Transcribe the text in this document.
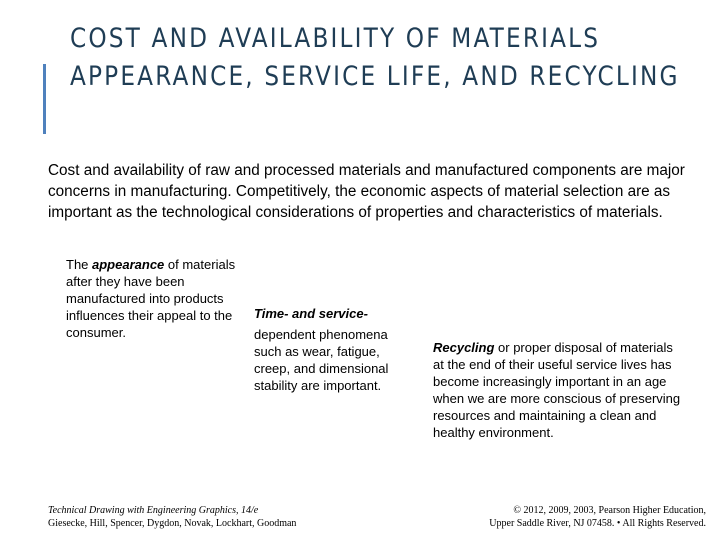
COST AND AVAILABILITY OF MATERIALS
APPEARANCE, SERVICE LIFE, AND RECYCLING

Cost and availability of raw and processed materials and manufactured components are major concerns in manufacturing. Competitively, the economic aspects of material selection are as important as the technological considerations of properties and characteristics of materials.

The appearance of materials after they have been manufactured into products influences their appeal to the consumer.
Time- and service-
dependent phenomena such as wear, fatigue, creep, and dimensional stability are important.
Recycling or proper disposal of materials at the end of their useful service lives has become increasingly important in an age when we are more conscious of preserving resources and maintaining a clean and healthy environment.
Technical Drawing with Engineering Graphics, 14/e
Giesecke, Hill, Spencer, Dygdon, Novak, Lockhart, Goodman
© 2012, 2009, 2003, Pearson Higher Education,
Upper Saddle River, NJ 07458. • All Rights Reserved.
